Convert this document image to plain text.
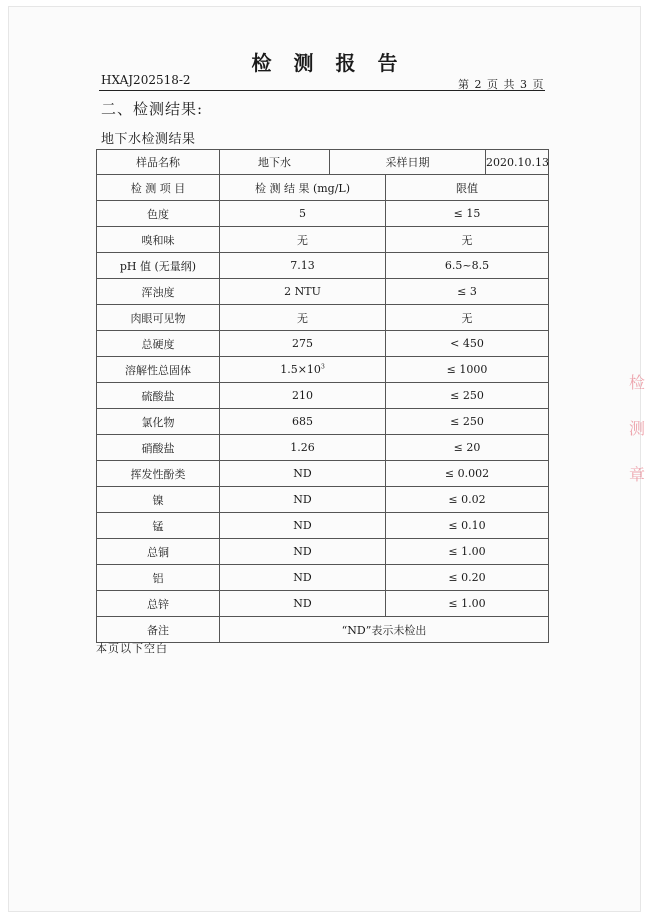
检测报告
HXAJ202518-2	第 2 页 共 3 页
二、检测结果:
地下水检测结果
样品名称	地下水	采样日期		2020.10.13
检 测 项 目	检 测 结 果 (mg/L)		限值	
色度	5		≤ 15	
嗅和味	无		无	
pH 值 (无量纲)	7.13		6.5~8.5	
浑浊度	2 NTU		≤ 3	
肉眼可见物	无		无	
总硬度	275		< 450	
溶解性总固体	$1.5\times 10^3$		≤ 1000	
硫酸盐	210		≤ 250	
氯化物	685		≤ 250	
硝酸盐	1.26		≤ 20	
挥发性酚类	ND		≤ 0.002	
镍	ND		≤ 0.02	
锰	ND		≤ 0.10	
总铜	ND		≤ 1.00	
铝	ND		≤ 0.20	
总锌	ND		≤ 1.00	
备注	“ND”表示未检出			
本页以下空白
检
测
章
